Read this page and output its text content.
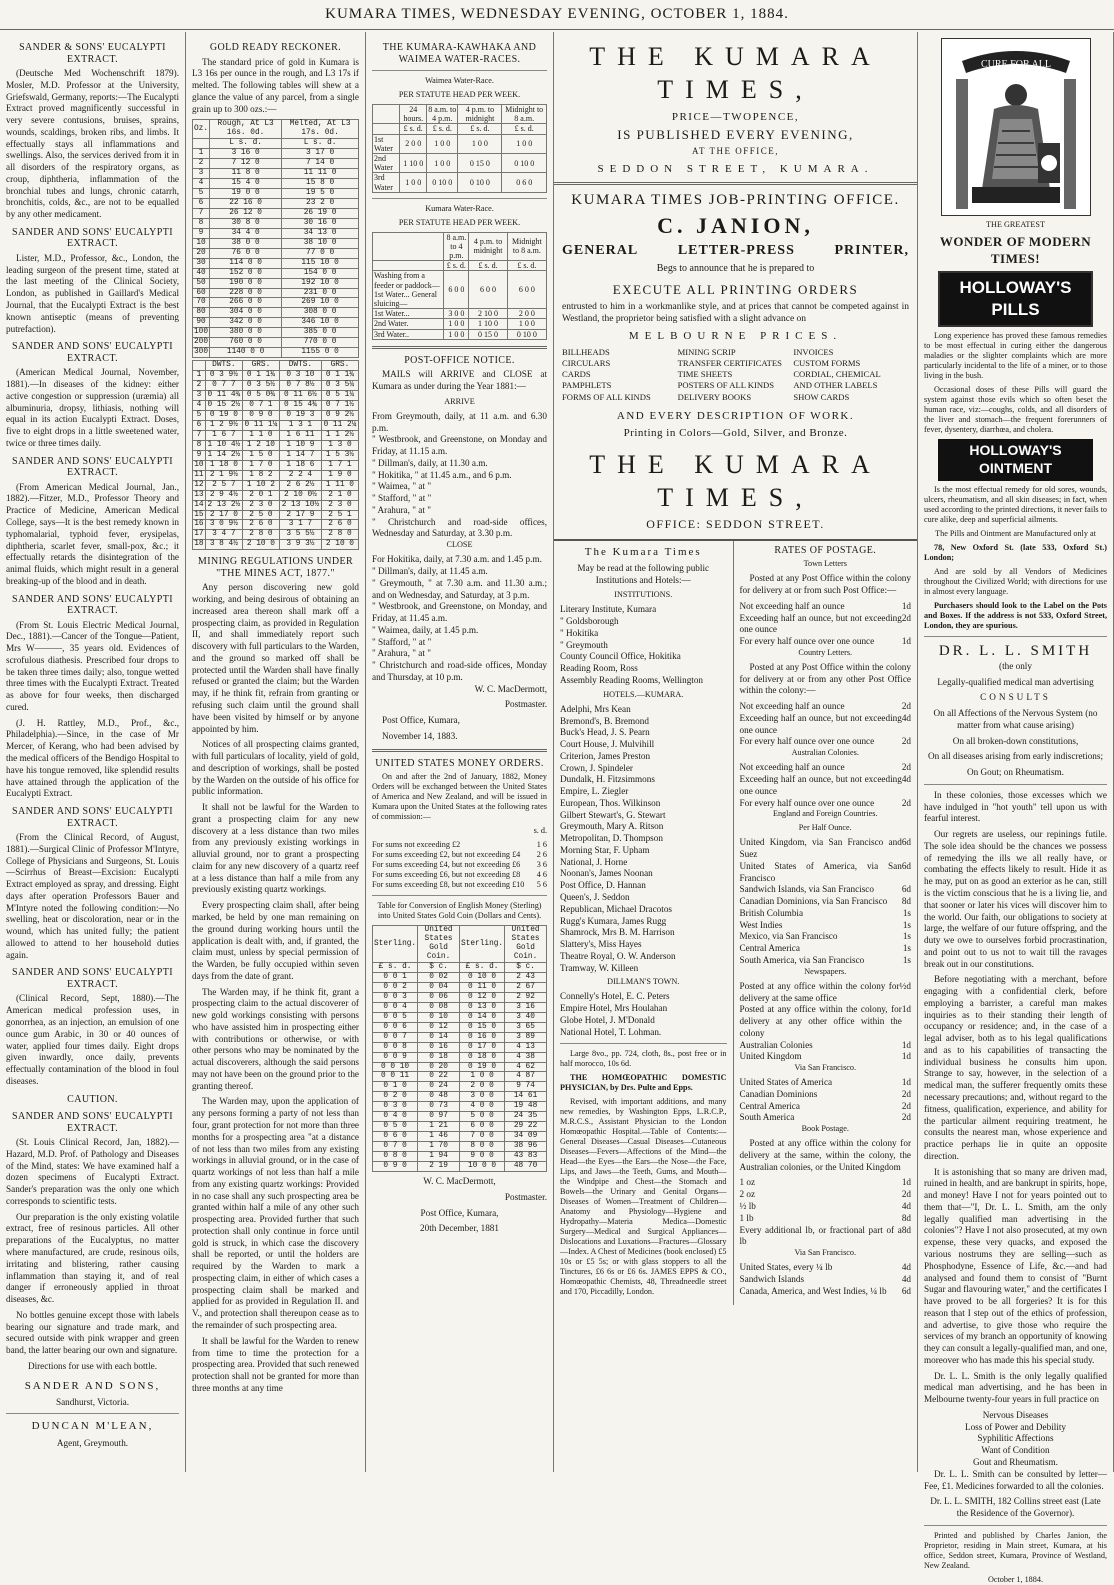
KUMARA TIMES, WEDNESDAY EVENING, OCTOBER 1, 1884.
SANDER & SONS' EUCALYPTI EXTRACT.

(Deutsche Med Wochenschrift 1879). Mosler, M.D. Professor at the University, Griefswald, Germany, reports:—The Eucalypti Extract proved magnificently successful in very severe contusions, bruises, sprains, wounds, scaldings, broken ribs, and limbs. It effectually stays all inflammations and swellings. Also, the services derived from it in all disorders of the respiratory organs, as croup, diphtheria, inflammation of the bronchial tubes and lungs, chronic catarrh, bronchitis, colds, &c., are not to be equalled by any other medicament.

SANDER AND SONS' EUCALYPTI EXTRACT.

Lister, M.D., Professor, &c., London, the leading surgeon of the present time, stated at the last meeting of the Clinical Society, London, as published in Gaillard's Medical Journal, that the Eucalypti Extract is the best known antiseptic (means of preventing putrefaction).

SANDER AND SONS' EUCALYPTI EXTRACT.

(American Medical Journal, November, 1881).—In diseases of the kidney: either active congestion or suppression (uræmia) all albuminuria, dropsy, lithiasis, nothing will equal in its action Eucalypti Extract. Doses, five to eight drops in a little sweetened water, twice or three times daily.

SANDER AND SONS' EUCALYPTI EXTRACT.

(From American Medical Journal, Jan., 1882).—Fitzer, M.D., Professor Theory and Practice of Medicine, American Medical College, says—It is the best remedy known in typhomalarial, typhoid fever, erysipelas, diphtheria, scarlet fever, small-pox, &c.; it effectually retards the disintegration of the animal fluids, which might result in a general breaking-up of the blood and in death.

SANDER AND SONS' EUCALYPTI EXTRACT.

(From St. Louis Electric Medical Journal, Dec., 1881).—Cancer of the Tongue—Patient, Mrs W———, 35 years old. Evidences of scrofulous diathesis. Prescribed four drops to be taken three times daily; also, tongue wetted three times with the Eucalypti Extract. Treated as above for four weeks, then discharged cured.

(J. H. Rattley, M.D., Prof., &c., Philadelphia).—Since, in the case of Mr Mercer, of Kerang, who had been advised by the medical officers of the Bendigo Hospital to have his tongue removed, like splendid results have attained through the application of the Eucalypti Extract.

SANDER AND SONS' EUCALYPTI EXTRACT.

(From the Clinical Record, of August, 1881).—Surgical Clinic of Professor M'Intyre, College of Physicians and Surgeons, St. Louis—Scirrhus of Breast—Excision: Eucalypti Extract employed as spray, and dressing. Eight days after operation Professors Bauer and M'Intyre noted the following condition:—No swelling, heat or discoloration, near or in the wound, which has united fully; the patient allowed to attend to her household duties again.

SANDER AND SONS' EUCALYPTI EXTRACT.

(Clinical Record, Sept, 1880).—The American medical profession uses, in gonorrhea, as an injection, an emulsion of one ounce gum Arabic, in 30 or 40 ounces of water, applied four times daily. Eight drops given inwardly, once daily, prevents effectually contamination of the blood in foul diseases.

CAUTION.
SANDER AND SONS' EUCALYPTI EXTRACT.

(St. Louis Clinical Record, Jan, 1882).—Hazard, M.D. Prof. of Pathology and Diseases of the Mind, states: We have examined half a dozen specimens of Eucalypti Extract. Sander's preparation was the only one which corresponds to scientific tests.

Our preparation is the only existing volatile extract, free of resinous particles. All other preparations of the Eucalyptus, no matter where manufactured, are crude, resinous oils, irritating and blistering, rather causing inflammation than staying it, and of real danger if erroneously applied in throat diseases, &c.

No bottles genuine except those with labels bearing our signature and trade mark, and secured outside with pink wrapper and green band, the latter bearing our own and signature.

Directions for use with each bottle.

SANDER AND SONS,

Sandhurst, Victoria.

DUNCAN M'LEAN,

Agent, Greymouth.

GOLD READY RECKONER.

The standard price of gold in Kumara is L3 16s per ounce in the rough, and L3 17s if melted. The following tables will shew at a glance the value of any parcel, from a single grain up to 300 ozs.:—

Oz.	Rough, At L3 16s. 0d.	Melted, At L3 17s. 0d.
	L s. d.	L s. d.
1	3 16 0	3 17 0
2	7 12 0	7 14 0
3	11 8 0	11 11 0
4	15 4 0	15 8 0
5	19 0 0	19 5 0
6	22 16 0	23 2 0
7	26 12 0	26 19 0
8	30 8 0	30 16 0
9	34 4 0	34 13 0
10	38 0 0	38 10 0
20	76 0 0	77 0 0
30	114 0 0	115 10 0
40	152 0 0	154 0 0
50	190 0 0	192 10 0
60	228 0 0	231 0 0
70	266 0 0	269 10 0
80	304 0 0	308 0 0
90	342 0 0	346 10 0
100	380 0 0	385 0 0
200	760 0 0	770 0 0
300	1140 0 0	1155 0 0
	DWTS.	GRS.	DWTS.	GRS.
1	0 3 9½	0 1 1¾	0 3 10	0 1 1¾
2	0 7 7	0 3 5½	0 7 8½	0 3 5¼
3	0 11 4¾	0 5 0¾	0 11 6½	0 5 1¼
4	0 15 2½	0 7 1	0 15 4¾	0 7 1½
5	0 19 0	0 9 0	0 19 3	0 9 2½
6	1 2 9½	0 11 1¼	1 3 1	0 11 2¼
7	1 6 7	1 1 0	1 6 11	1 1 2½
8	1 10 4½	1 2 10	1 10 9	1 3 0
9	1 14 2½	1 5 0	1 14 7	1 5 3½
10	1 18 0	1 7 0	1 18 6	1 7 1
11	2 1 9½	1 8 2	2 2 4	1 9 0
12	2 5 7	1 10 2	2 6 2½	1 11 0
13	2 9 4½	2 0 1	2 10 0½	2 1 0
14	2 13 2½	2 3 0	2 13 10½	2 3 0
15	2 17 0	2 5 0	2 17 9	2 5 1
16	3 0 9½	2 6 0	3 1 7	2 6 0
17	3 4 7	2 8 0	3 5 5½	2 8 0
18	3 8 4½	2 10 0	3 9 3½	2 10 0
MINING REGULATIONS UNDER "THE MINES ACT, 1877."

Any person discovering new gold working, and being desirous of obtaining an increased area thereon shall mark off a prospecting claim, as provided in Regulation II, and shall immediately report such discovery with full particulars to the Warden, and the ground so marked off shall be protected until the Warden shall have finally refused or granted the claim; but the Warden may, if he think fit, refrain from granting or refusing such claim until the ground shall have been visited by himself or by anyone appointed by him.

Notices of all prospecting claims granted, with full particulars of locality, yield of gold, and description of workings, shall be posted by the Warden on the outside of his office for public information.

It shall not be lawful for the Warden to grant a prospecting claim for any new discovery at a less distance than two miles from any previously existing workings in alluvial ground, nor to grant a prospecting claim for any new discovery of a quartz reef at a less distance than half a mile from any previously existing quartz workings.

Every prospecting claim shall, after being marked, be held by one man remaining on the ground during working hours until the application is dealt with, and, if granted, the claim must, unless by special permission of the Warden, be fully occupied within seven days from the date of grant.

The Warden may, if he think fit, grant a prospecting claim to the actual discoverer of new gold workings consisting with persons who have assisted him in prospecting either with contributions or otherwise, or with other persons who may be nominated by the actual discoverers, although the said persons may not have been on the ground prior to the granting thereof.

The Warden may, upon the application of any persons forming a party of not less than four, grant protection for not more than three months for a prospecting area "at a distance of not less than two miles from any existing workings in alluvial ground, or in the case of quartz workings of not less than half a mile from any existing quartz workings: Provided in no case shall any such prospecting area be granted within half a mile of any other such prospecting area. Provided further that such protection shall only continue in force until gold is struck, in which case the discovery shall be reported, or until the holders are required by the Warden to mark a prospecting claim, in either of which cases a prospecting claim shall be marked and applied for as provided in Regulation II. and V., and protection shall thereupon cease as to the remainder of such prospecting area.

It shall be lawful for the Warden to renew from time to time the protection for a prospecting area. Provided that such renewed protection shall not be granted for more than three months at any time

THE KUMARA-KAWHAKA AND WAIMEA WATER-RACES.

Waimea Water-Race.

PER STATUTE HEAD PER WEEK.

	24 hours.	8 a.m. to 4 p.m.	4 p.m. to midnight	Midnight to 8 a.m.
	£ s. d.	£ s. d.	£ s. d.	£ s. d.
1st Water	2 0 0	1 0 0	1 0 0	1 0 0
2nd Water	1 10 0	1 0 0	0 15 0	0 10 0
3rd Water	1 0 0	0 10 0	0 10 0	0 6 0

Kumara Water-Race.

PER STATUTE HEAD PER WEEK.

	8 a.m. to 4 p.m.	4 p.m. to midnight	Midnight to 8 a.m.
	£ s. d.	£ s. d.	£ s. d.
Washing from a feeder or paddock—1st Water... General sluicing—	6 0 0	6 0 0	6 0 0
1st Water...	3 0 0	2 10 0	2 0 0
2nd Water.	1 0 0	1 10 0	1 0 0
3rd Water..	1 0 0	0 15 0	0 10 0
POST-OFFICE NOTICE.

MAILS will ARRIVE and CLOSE at Kumara as under during the Year 1881:—

ARRIVE

From Greymouth, daily, at 11 a.m. and 6.30 p.m.
" Westbrook, and Greenstone, on Monday and Friday, at 11.15 a.m.
" Dillman's, daily, at 11.30 a.m.
" Hokitika, " at 11.45 a.m., and 6 p.m.
" Waimea, " at "
" Stafford, " at "
" Arahura, " at "
" Christchurch and road-side offices, Wednesday and Saturday, at 3.30 p.m.

CLOSE

For Hokitika, daily, at 7.30 a.m. and 1.45 p.m.
" Dillman's, daily, at 11.45 a.m.
" Greymouth, " at 7.30 a.m. and 11.30 a.m.; and on Wednesday, and Saturday, at 3 p.m.
" Westbrook, and Greenstone, on Monday, and Friday, at 11.45 a.m.
" Waimea, daily, at 1.45 p.m.
" Stafford, " at "
" Arahura, " at "
" Christchurch and road-side offices, Monday and Thursday, at 10 p.m.

W. C. MacDermott,

Postmaster.

Post Office, Kumara,

November 14, 1883.

UNITED STATES MONEY ORDERS.

On and after the 2nd of January, 1882, Money Orders will be exchanged between the United States of America and New Zealand, and will be issued in Kumara upon the United States at the following rates of commission:—

s. d.

For sums not exceeding £2	1 6
For sums exceeding £2, but not exceeding £4 2 6
For sums exceeding £4, but not exceeding £6 3 6
For sums exceeding £6, but not exceeding £8 4 6
For sums exceeding £8, but not exceeding £10 5 6

Table for Conversion of English Money (Sterling) into United States Gold Coin (Dollars and Cents).

Sterling.	United States Gold Coin.	Sterling.	United States Gold Coin.
£ s. d.	$ c.	£ s. d.	$ c.
0 0 1	0 02	0 10 0	2 43
0 0 2	0 04	0 11 0	2 67
0 0 3	0 06	0 12 0	2 92
0 0 4	0 08	0 13 0	3 16
0 0 5	0 10	0 14 0	3 40
0 0 6	0 12	0 15 0	3 65
0 0 7	0 14	0 16 0	3 89
0 0 8	0 16	0 17 0	4 13
0 0 9	0 18	0 18 0	4 38
0 0 10	0 20	0 19 0	4 62
0 0 11	0 22	1 0 0	4 87
0 1 0	0 24	2 0 0	9 74
0 2 0	0 48	3 0 0	14 61
0 3 0	0 73	4 0 0	19 48
0 4 0	0 97	5 0 0	24 35
0 5 0	1 21	6 0 0	29 22
0 6 0	1 46	7 0 0	34 09
0 7 0	1 70	8 0 0	38 96
0 8 0	1 94	9 0 0	43 83
0 9 0	2 19	10 0 0	48 70

W. C. MacDermott,

Postmaster.

Post Office, Kumara,

20th December, 1881

THE KUMARA TIMES,
PRICE—TWOPENCE,
IS PUBLISHED EVERY EVENING,
AT THE OFFICE,
SEDDON STREET, KUMARA.
KUMARA TIMES JOB-PRINTING OFFICE.
C. JANION,
GENERAL	LETTER-PRESS	PRINTER,
Begs to announce that he is prepared to
EXECUTE ALL PRINTING ORDERS
entrusted to him in a workmanlike style, and at prices that cannot be competed against in Westland, the proprietor being satisfied with a slight advance on
MELBOURNE PRICES.
BILLHEADS	MINING SCRIP	INVOICES
CIRCULARS	TRANSFER CERTIFICATES	CUSTOM FORMS
CARDS	TIME SHEETS	CORDIAL, CHEMICAL
PAMPHLETS	POSTERS OF ALL KINDS	AND OTHER LABELS
FORMS OF ALL KINDS	DELIVERY BOOKS	SHOW CARDS
AND EVERY DESCRIPTION OF WORK.
Printing in Colors—Gold, Silver, and Bronze.
THE KUMARA TIMES,
OFFICE: SEDDON STREET.

The Kumara Times

May be read at the following public Institutions and Hotels:—

INSTITUTIONS.

Literary Institute, Kumara
" Goldsborough
" Hokitika
" Greymouth
County Council Office, Hokitika
Reading Room, Ross
Assembly Reading Rooms, Wellington

HOTELS.—KUMARA.

Adelphi, Mrs Kean
Bremond's, B. Bremond
Buck's Head, J. S. Pearn
Court House, J. Mulvihill
Criterion, James Preston
Crown, J. Spindeler
Dundalk, H. Fitzsimmons
Empire, L. Ziegler
European, Thos. Wilkinson
Gilbert Stewart's, G. Stewart
Greymouth, Mary A. Ritson
Metropolitan, D. Thompson
Morning Star, F. Upham
National, J. Horne
Noonan's, James Noonan
Post Office, D. Hannan
Queen's, J. Seddon
Republican, Michael Dracotos
Rugg's Kumara, James Rugg
Shamrock, Mrs B. M. Harrison
Slattery's, Miss Hayes
Theatre Royal, O. W. Anderson
Tramway, W. Killeen

DILLMAN'S TOWN.

Connelly's Hotel, E. C. Peters
Empire Hotel, Mrs Houlahan
Globe Hotel, J. M'Donald
National Hotel, T. Lohman.

Large 8vo., pp. 724, cloth, 8s., post free or in half morocco, 10s 6d.

THE HOMŒOPATHIC DOMESTIC PHYSICIAN, by Drs. Pulte and Epps.

Revised, with important additions, and many new remedies, by Washington Epps, L.R.C.P., M.R.C.S., Assistant Physician to the London Homœopathic Hospital.—Table of Contents:—General Diseases—Casual Diseases—Cutaneous Diseases—Fevers—Affections of the Mind—the Head—the Eyes—the Ears—the Nose—the Face, Lips, and Jaws—the Teeth, Gums, and Mouth—the Windpipe and Chest—the Stomach and Bowels—the Urinary and Genital Organs—Diseases of Women—Treatment of Children—Anatomy and Physiology—Hygiene and Hydropathy—Materia Medica—Domestic Surgery—Medical and Surgical Appliances—Dislocations and Luxations—Fractures—Glossary—Index. A Chest of Medicines (book enclosed) £5 10s or £5 5s; or with glass stoppers to all the Tinctures, £6 6s or £6 6s. JAMES EPPS & CO., Homœopathic Chemists, 48, Threadneedle street and 170, Piccadilly, London.

RATES OF POSTAGE.

Town Letters

Posted at any Post Office within the colony for delivery at or from such Post Office:—

Not exceeding half an ounce	1d
Exceeding half an ounce, but not exceeding one ounce
2d
For every half ounce over one ounce	1d

Country Letters.

Posted at any Post Office within the colony for delivery at or from any other Post Office within the colony:—

Not exceeding half an ounce	2d
Exceeding half an ounce, but not exceeding one ounce
4d
For every half ounce over one ounce	2d

Australian Colonies.

Not exceeding half an ounce	2d
Exceeding half an ounce, but not exceeding one ounce
4d
For every half ounce over one ounce	2d

England and Foreign Countries.

Per Half Ounce.

United Kingdom, via San Francisco and Suez
6d
United States of America, via San Francisco
6d
Sandwich Islands, via San Francisco	6d
Canadian Dominions, via San Francisco 8d
British Columbia	1s
West Indies	1s
Mexico, via San Francisco	1s
Central America	1s
South America, via San Francisco	1s

Newspapers.

Posted at any office within the colony for delivery at the same office
½d
Posted at any office within the colony, for delivery at any other office within the colony
1d
Australian Colonies	1d
United Kingdom	1d

Via San Francisco.

United States of America	1d
Canadian Dominions	2d
Central America	2d
South America	2d

Book Postage.

Posted at any office within the colony for delivery at the same, within the colony, the Australian colonies, or the United Kingdom

1 oz	1d
2 oz	2d
½ lb	4d
1 lb	8d
Every additional lb, or fractional part of a lb
8d

Via San Francisco.

United States, every ¼ lb	4d
Sandwich Islands	4d
Canada, America, and West Indies, ¼ lb 6d
CURE FOR ALL

THE GREATEST

WONDER OF MODERN TIMES!
HOLLOWAY'S PILLS

Long experience has proved these famous remedies to be most effectual in curing either the dangerous maladies or the slighter complaints which are more particularly incidental to the life of a miner, or to those living in the bush.

Occasional doses of these Pills will guard the system against those evils which so often beset the human race, viz:—coughs, colds, and all disorders of the liver and stomach—the frequent forerunners of fever, dysentery, diarrhœa, and cholera.

HOLLOWAY'S OINTMENT

Is the most effectual remedy for old sores, wounds, ulcers, rheumatism, and all skin diseases; in fact, when used according to the printed directions, it never fails to cure alike, deep and superficial ailments.

The Pills and Ointment are Manufactured only at

78, New Oxford St. (late 533, Oxford St.) London;

And are sold by all Vendors of Medicines throughout the Civilized World; with directions for use in almost every language.

Purchasers should look to the Label on the Pots and Boxes. If the address is not 533, Oxford Street, London, they are spurious.

DR. L. L. SMITH

(the only

Legally-qualified medical man advertising

CONSULTS

On all Affections of the Nervous System (no matter from what cause arising)

On all broken-down constitutions,

On all diseases arising from early indiscretions;

On Gout; on Rheumatism.

In these colonies, those excesses which we have indulged in "hot youth" tell upon us with fearful interest.

Our regrets are useless, our repinings futile. The sole idea should be the chances we possess of remedying the ills we all really have, or combating the effects likely to result. Hide it as he may, put on as good an exterior as he can, still is the victim conscious that he is a living lie, and that sooner or later his vices will discover him to the world. Our faith, our obligations to society at large, the welfare of our future offspring, and the duty we owe to ourselves forbid procrastination, and point out to us not to wait till the ravages break out in our constitutions.

Before negotiating with a merchant, before engaging with a confidential clerk, before employing a barrister, a careful man makes inquiries as to their standing their length of occupancy or residence; and, in the case of a legal adviser, both as to his legal qualifications and as to his capabilities of transacting the individual business he consults him upon. Strange to say, however, in the selection of a medical man, the sufferer frequently omits these necessary precautions; and, without regard to the fitness, qualification, experience, and ability for the particular ailment requiring treatment, he consults the nearest man, whose experience and practice perhaps lie in quite an opposite direction.

It is astonishing that so many are driven mad, ruined in health, and are bankrupt in spirits, hope, and money! Have I not for years pointed out to them that—"I, Dr. L. L. Smith, am the only legally qualified man advertising in the colonies"? Have I not also prosecuted, at my own expense, these very quacks, and exposed the various nostrums they are selling—such as Phosphodyne, Essence of Life, &c.—and had analysed and found them to consist of "Burnt Sugar and flavouring water," and the certificates I have proved to be all forgeries? It is for this reason that I step out of the ethics of profession, and advertise, to give those who require the services of my branch an opportunity of knowing they can consult a legally-qualified man, and one, moreover who has made this his special study.

Dr. L. L. Smith is the only legally qualified medical man advertising, and he has been in Melbourne twenty-four years in full practice on

Nervous Diseases
Loss of Power and Debility
Syphilitic Affections
Want of Condition
Gout and Rheumatism.

Dr. L. L. Smith can be consulted by letter—Fee, £1. Medicines forwarded to all the colonies.

Dr. L. L. SMITH, 182 Collins street east (Late the Residence of the Governor).

Printed and published by Charles Janion, the Proprietor, residing in Main street, Kumara, at his office, Seddon street, Kumara, Province of Westland, New Zealand.

October 1, 1884.
